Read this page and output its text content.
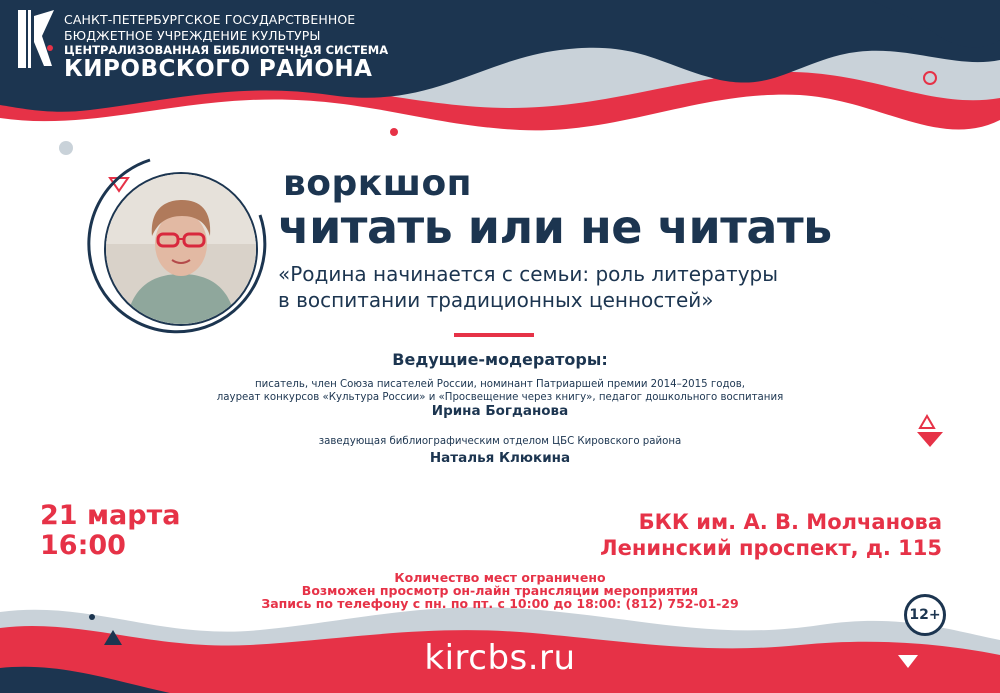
САНКТ-ПЕТЕРБУРГСКОЕ ГОСУДАРСТВЕННОЕ
БЮДЖЕТНОЕ УЧРЕЖДЕНИЕ КУЛЬТУРЫ
ЦЕНТРАЛИЗОВАННАЯ БИБЛИОТЕЧНАЯ СИСТЕМА
КИРОВСКОГО РАЙОНА
воркшоп
читать или не читать
«Родина начинается с семьи: роль литературы
в воспитании традиционных ценностей»
Ведущие-модераторы:
писатель, член Союза писателей России, номинант Патриаршей премии 2014–2015 годов,
лауреат конкурсов «Культура России» и «Просвещение через книгу», педагог дошкольного воспитания
Ирина Богданова
заведующая библиографическим отделом ЦБС Кировского района
Наталья Клюкина
21 марта
16:00
БКК им. А. В. Молчанова
Ленинский проспект, д. 115
Количество мест ограничено
Возможен просмотр он-лайн трансляции мероприятия
Запись по телефону с пн. по пт. с 10:00 до 18:00: (812) 752-01-29
12+
kircbs.ru
